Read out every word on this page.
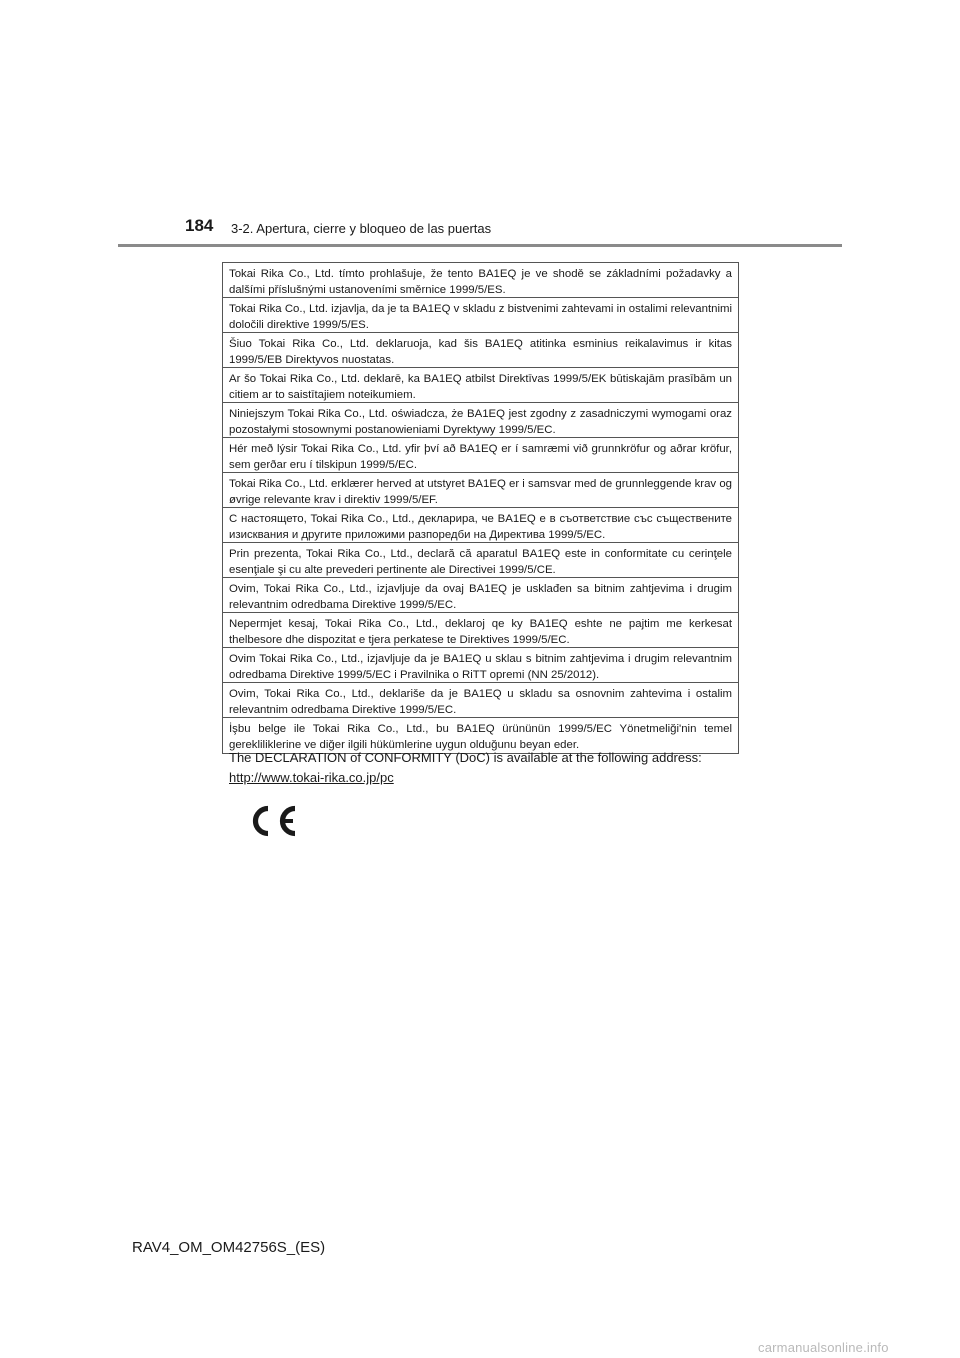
184 3-2. Apertura, cierre y bloqueo de las puertas
Tokai Rika Co., Ltd. tímto prohlašuje, že tento BA1EQ je ve shodě se základními požadavky a dalšími příslušnými ustanoveními směrnice 1999/5/ES.
Tokai Rika Co., Ltd. izjavlja, da je ta BA1EQ v skladu z bistvenimi zahtevami in ostalimi relevantnimi določili direktive 1999/5/ES.
Šiuo Tokai Rika Co., Ltd. deklaruoja, kad šis BA1EQ atitinka esminius reikalavimus ir kitas 1999/5/EB Direktyvos nuostatas.
Ar šo Tokai Rika Co., Ltd. deklarē, ka BA1EQ atbilst Direktīvas 1999/5/EK būtiskajām prasībām un citiem ar to saistītajiem noteikumiem.
Niniejszym Tokai Rika Co., Ltd. oświadcza, że BA1EQ jest zgodny z zasadniczymi wymogami oraz pozostałymi stosownymi postanowieniami Dyrektywy 1999/5/EC.
Hér með lýsir Tokai Rika Co., Ltd. yfir því að BA1EQ er í samræmi við grunnkröfur og aðrar kröfur, sem gerðar eru í tilskipun 1999/5/EC.
Tokai Rika Co., Ltd. erklærer herved at utstyret BA1EQ er i samsvar med de grunnleggende krav og øvrige relevante krav i direktiv 1999/5/EF.
С настоящето, Tokai Rika Co., Ltd., декларира, че BA1EQ е в съответствие със съществените изисквания и другите приложими разпоредби на Директива 1999/5/ЕС.
Prin prezenta, Tokai Rika Co., Ltd., declară că aparatul BA1EQ este in conformitate cu cerinţele esenţiale şi cu alte prevederi pertinente ale Directivei 1999/5/CE.
Ovim, Tokai Rika Co., Ltd., izjavljuje da ovaj BA1EQ je usklađen sa bitnim zahtjevima i drugim relevantnim odredbama Direktive 1999/5/EC.
Nepermjet kesaj, Tokai Rika Co., Ltd., deklaroj qe ky BA1EQ eshte ne pajtim me kerkesat thelbesore dhe dispozitat e tjera perkatese te Direktives 1999/5/EC.
Ovim Tokai Rika Co., Ltd., izjavljuje da je BA1EQ u sklau s bitnim zahtjevima i drugim relevantnim odredbama Direktive 1999/5/EC i Pravilnika o RiTT opremi (NN 25/2012).
Ovim, Tokai Rika Co., Ltd., deklariše da je BA1EQ u skladu sa osnovnim zahtevima i ostalim relevantnim odredbama Direktive 1999/5/EC.
İşbu belge ile Tokai Rika Co., Ltd., bu BA1EQ ürününün 1999/5/EC Yönetmeliği'nin temel gerekliliklerine ve diğer ilgili hükümlerine uygun olduğunu beyan eder.
The DECLARATION of CONFORMITY (DoC) is available at the following address:
http://www.tokai-rika.co.jp/pc
RAV4_OM_OM42756S_(ES)
carmanualsonline.info
